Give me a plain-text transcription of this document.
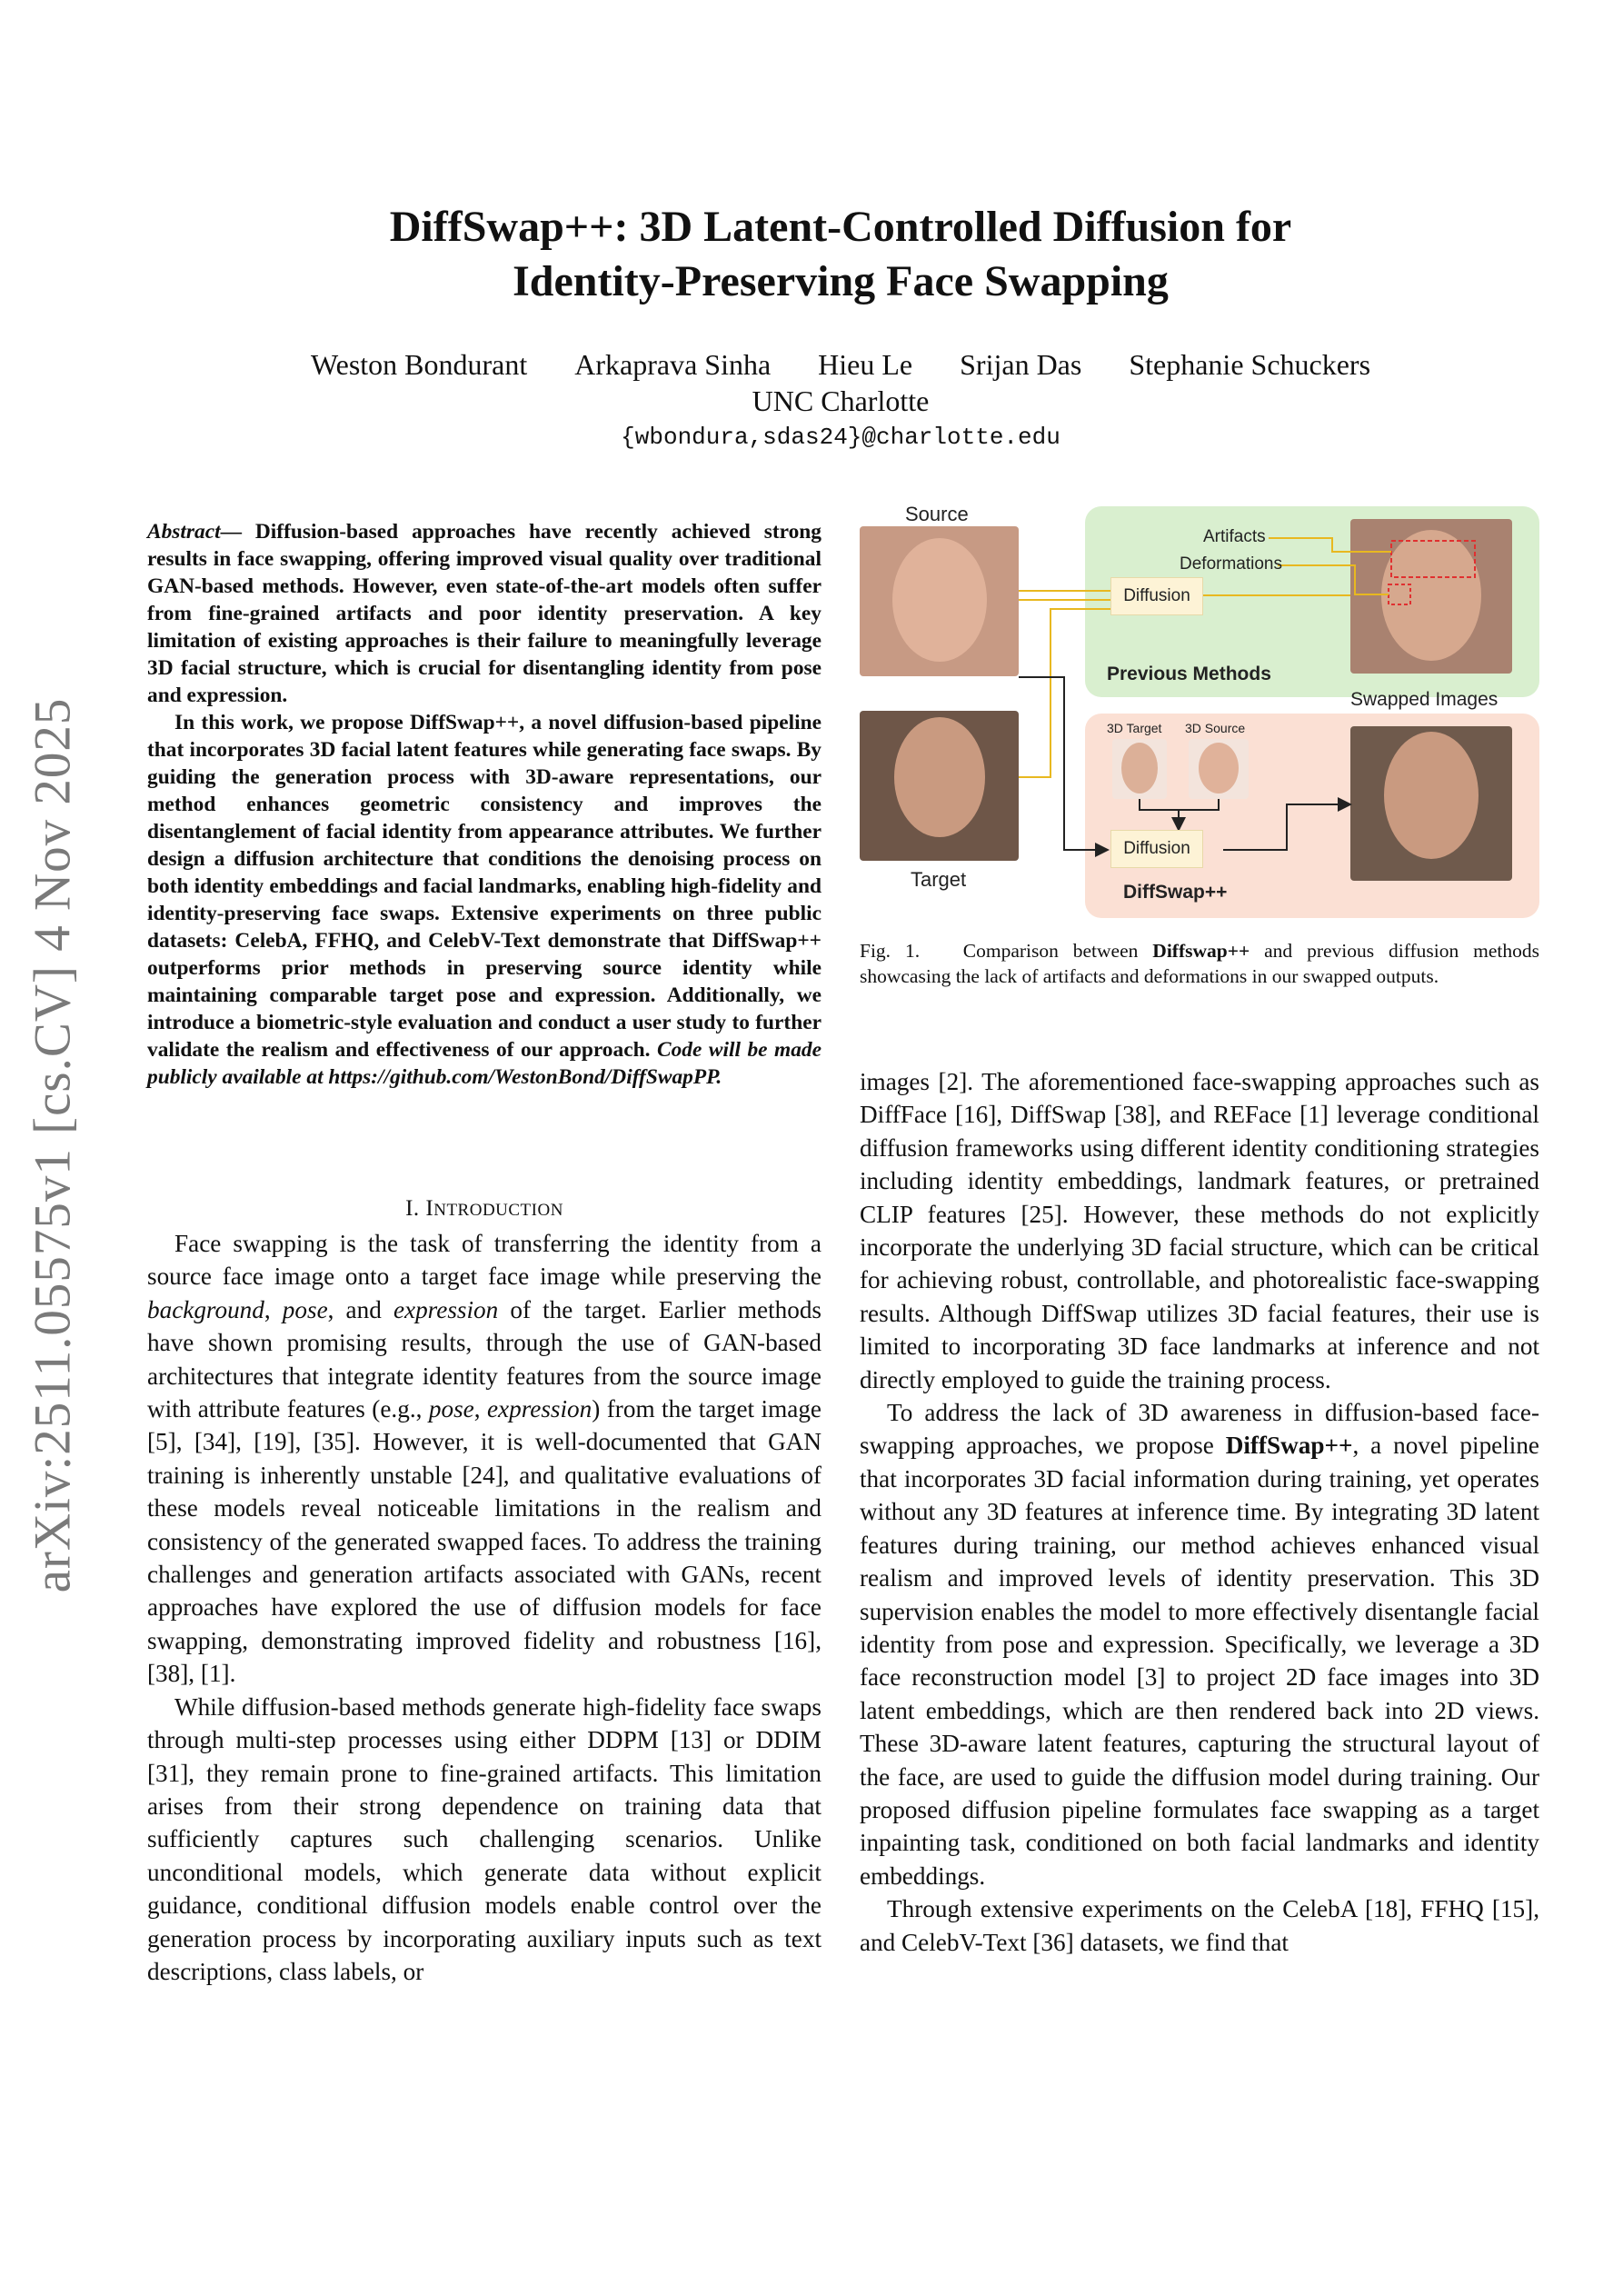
arXiv:2511.05575v1 [cs.CV] 4 Nov 2025
DiffSwap++: 3D Latent-Controlled Diffusion for
Identity-Preserving Face Swapping
Weston Bondurant Arkaprava Sinha Hieu Le Srijan Das Stephanie Schuckers
UNC Charlotte
{wbondura,sdas24}@charlotte.edu

Abstract— Diffusion-based approaches have recently achieved strong results in face swapping, offering improved visual quality over traditional GAN-based methods. However, even state-of-the-art models often suffer from fine-grained artifacts and poor identity preservation. A key limitation of existing approaches is their failure to meaningfully leverage 3D facial structure, which is crucial for disentangling identity from pose and expression.

In this work, we propose DiffSwap++, a novel diffusion-based pipeline that incorporates 3D facial latent features while generating face swaps. By guiding the generation process with 3D-aware representations, our method enhances geometric consistency and improves the disentanglement of facial identity from appearance attributes. We further design a diffusion architecture that conditions the denoising process on both identity embeddings and facial landmarks, enabling high-fidelity and identity-preserving face swaps. Extensive experiments on three public datasets: CelebA, FFHQ, and CelebV-Text demonstrate that DiffSwap++ outperforms prior methods in preserving source identity while maintaining comparable target pose and expression. Additionally, we introduce a biometric-style evaluation and conduct a user study to further validate the realism and effectiveness of our approach. Code will be made publicly available at https://github.com/WestonBond/DiffSwapPP.

I. INTRODUCTION

Face swapping is the task of transferring the identity from a source face image onto a target face image while preserving the background, pose, and expression of the target. Earlier methods have shown promising results, through the use of GAN-based architectures that integrate identity features from the source image with attribute features (e.g., pose, expression) from the target image [5], [34], [19], [35]. However, it is well-documented that GAN training is inherently unstable [24], and qualitative evaluations of these models reveal noticeable limitations in the realism and consistency of the generated swapped faces. To address the training challenges and generation artifacts associated with GANs, recent approaches have explored the use of diffusion models for face swapping, demonstrating improved fidelity and robustness [16], [38], [1].

While diffusion-based methods generate high-fidelity face swaps through multi-step processes using either DDPM [13] or DDIM [31], they remain prone to fine-grained artifacts. This limitation arises from their strong dependence on training data that sufficiently captures such challenging scenarios. Unlike unconditional models, which generate data without explicit guidance, conditional diffusion models enable control over the generation process by incorporating auxiliary inputs such as text descriptions, class labels, or

Source
Target
Artifacts
Deformations
Diffusion
Previous Methods
Swapped Images
3D Target 3D Source
Diffusion
DiffSwap++
Fig. 1. Comparison between Diffswap++ and previous diffusion methods showcasing the lack of artifacts and deformations in our swapped outputs.

images [2]. The aforementioned face-swapping approaches such as DiffFace [16], DiffSwap [38], and REFace [1] leverage conditional diffusion frameworks using different identity conditioning strategies including identity embeddings, landmark features, or pretrained CLIP features [25]. However, these methods do not explicitly incorporate the underlying 3D facial structure, which can be critical for achieving robust, controllable, and photorealistic face-swapping results. Although DiffSwap utilizes 3D facial features, their use is limited to incorporating 3D face landmarks at inference and not directly employed to guide the training process.

To address the lack of 3D awareness in diffusion-based face-swapping approaches, we propose DiffSwap++, a novel pipeline that incorporates 3D facial information during training, yet operates without any 3D features at inference time. By integrating 3D latent features during training, our method achieves enhanced visual realism and improved levels of identity preservation. This 3D supervision enables the model to more effectively disentangle facial identity from pose and expression. Specifically, we leverage a 3D face reconstruction model [3] to project 2D face images into 3D latent embeddings, which are then rendered back into 2D views. These 3D-aware latent features, capturing the structural layout of the face, are used to guide the diffusion model during training. Our proposed diffusion pipeline formulates face swapping as a target inpainting task, conditioned on both facial landmarks and identity embeddings.

Through extensive experiments on the CelebA [18], FFHQ [15], and CelebV-Text [36] datasets, we find that
